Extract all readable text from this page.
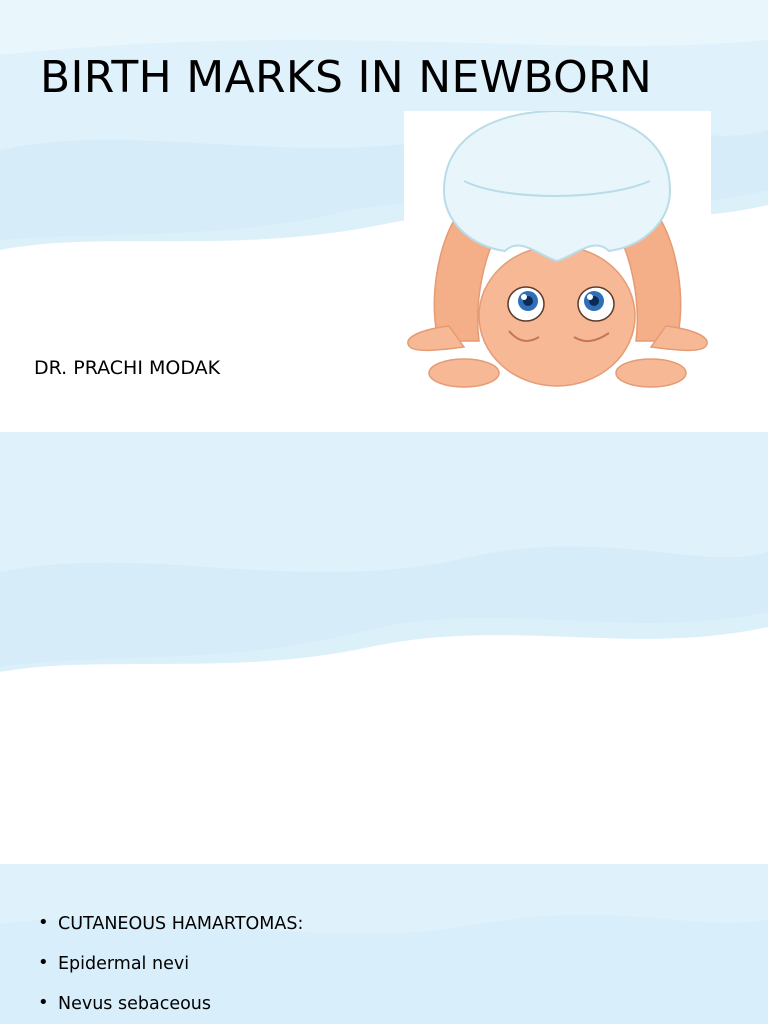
BIRTH MARKS IN NEWBORN
DR. PRACHI MODAK
• CUTANEOUS HAMARTOMAS:
• Epidermal nevi
• Nevus sebaceous
